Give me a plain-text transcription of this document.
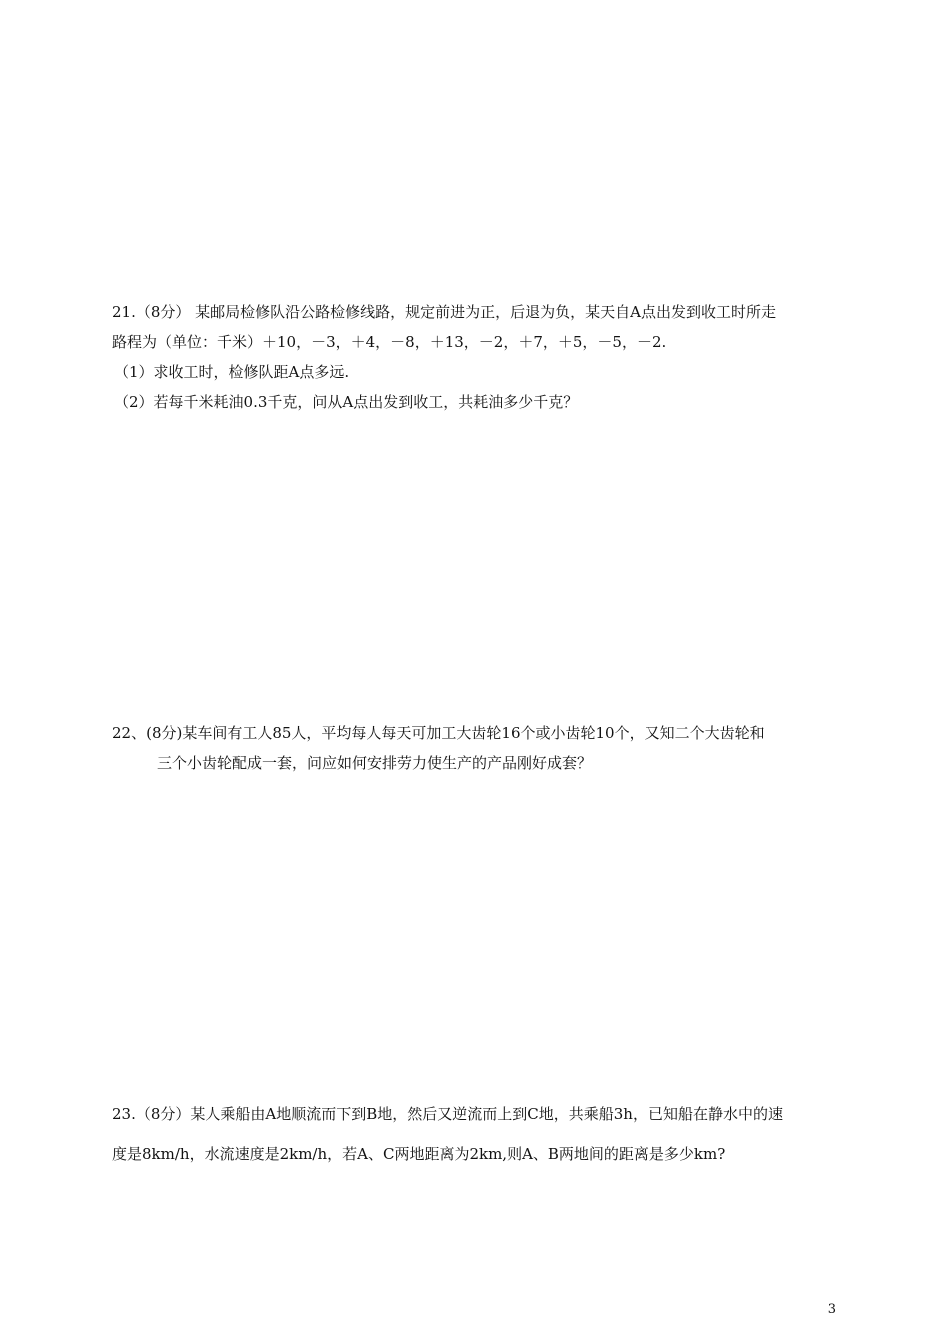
21.（8分） 某邮局检修队沿公路检修线路，规定前进为正，后退为负，某天自A点出发到收工时所走
路程为（单位：千米）＋10，－3，＋4，－8，＋13，－2，＋7，＋5，－5，－2.
（1）求收工时，检修队距A点多远.
（2）若每千米耗油0.3千克，问从A点出发到收工，共耗油多少千克？
22、(8分)某车间有工人85人，平均每人每天可加工大齿轮16个或小齿轮10个，又知二个大齿轮和
三个小齿轮配成一套，问应如何安排劳力使生产的产品刚好成套？
23.（8分）某人乘船由A地顺流而下到B地，然后又逆流而上到C地，共乘船3h，已知船在静水中的速
度是8km/h，水流速度是2km/h，若A、C两地距离为2km,则A、B两地间的距离是多少km?
3
